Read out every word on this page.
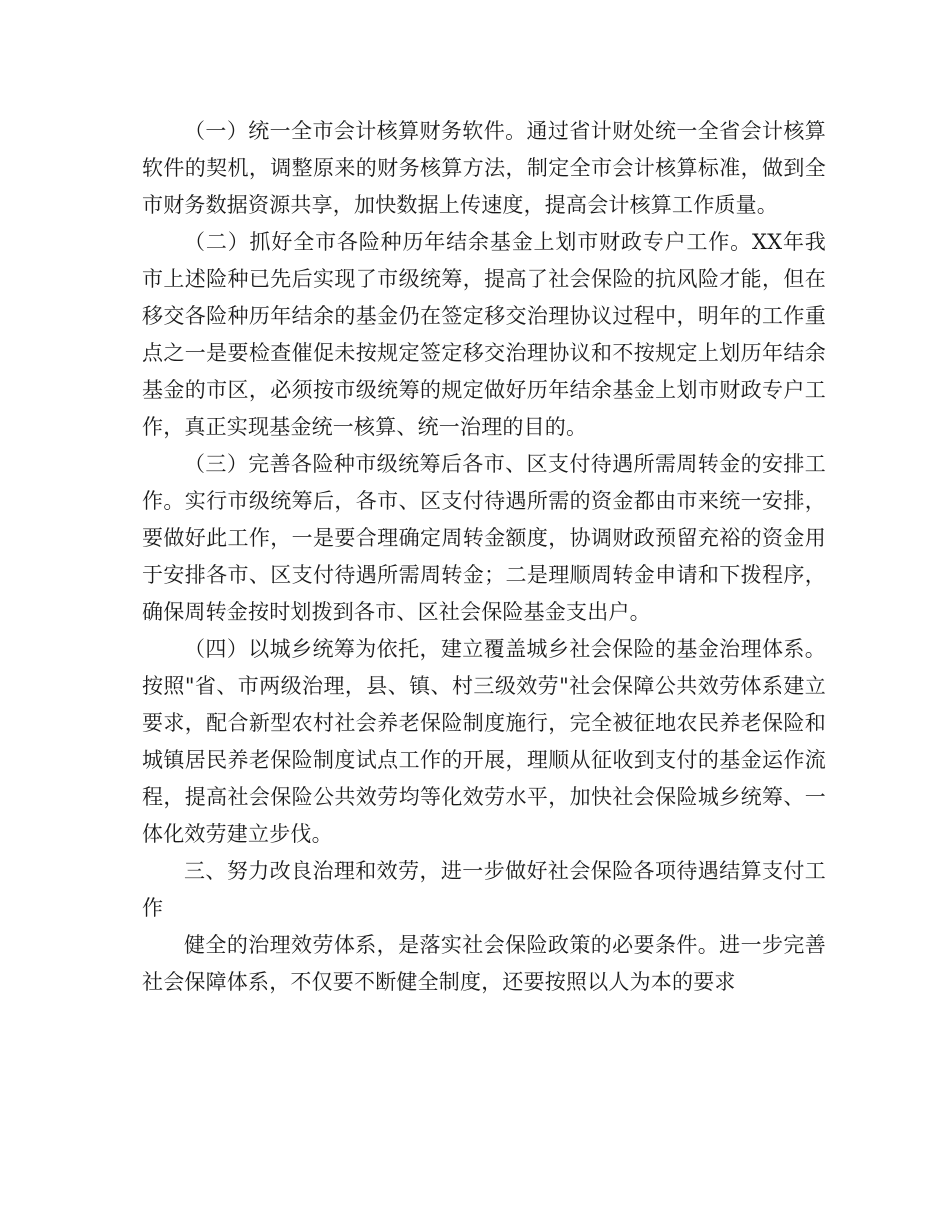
（一）统一全市会计核算财务软件。通过省计财处统一全省会计核算软件的契机，调整原来的财务核算方法，制定全市会计核算标准，做到全市财务数据资源共享，加快数据上传速度，提高会计核算工作质量。

（二）抓好全市各险种历年结余基金上划市财政专户工作。XX年我市上述险种已先后实现了市级统筹，提高了社会保险的抗风险才能，但在移交各险种历年结余的基金仍在签定移交治理协议过程中，明年的工作重点之一是要检查催促未按规定签定移交治理协议和不按规定上划历年结余基金的市区，必须按市级统筹的规定做好历年结余基金上划市财政专户工作，真正实现基金统一核算、统一治理的目的。

（三）完善各险种市级统筹后各市、区支付待遇所需周转金的安排工作。实行市级统筹后，各市、区支付待遇所需的资金都由市来统一安排，要做好此工作，一是要合理确定周转金额度，协调财政预留充裕的资金用于安排各市、区支付待遇所需周转金；二是理顺周转金申请和下拨程序，确保周转金按时划拨到各市、区社会保险基金支出户。

（四）以城乡统筹为依托，建立覆盖城乡社会保险的基金治理体系。按照"省、市两级治理，县、镇、村三级效劳"社会保障公共效劳体系建立要求，配合新型农村社会养老保险制度施行，完全被征地农民养老保险和城镇居民养老保险制度试点工作的开展，理顺从征收到支付的基金运作流程，提高社会保险公共效劳均等化效劳水平，加快社会保险城乡统筹、一体化效劳建立步伐。

三、努力改良治理和效劳，进一步做好社会保险各项待遇结算支付工作

健全的治理效劳体系，是落实社会保险政策的必要条件。进一步完善社会保障体系，不仅要不断健全制度，还要按照以人为本的要求
